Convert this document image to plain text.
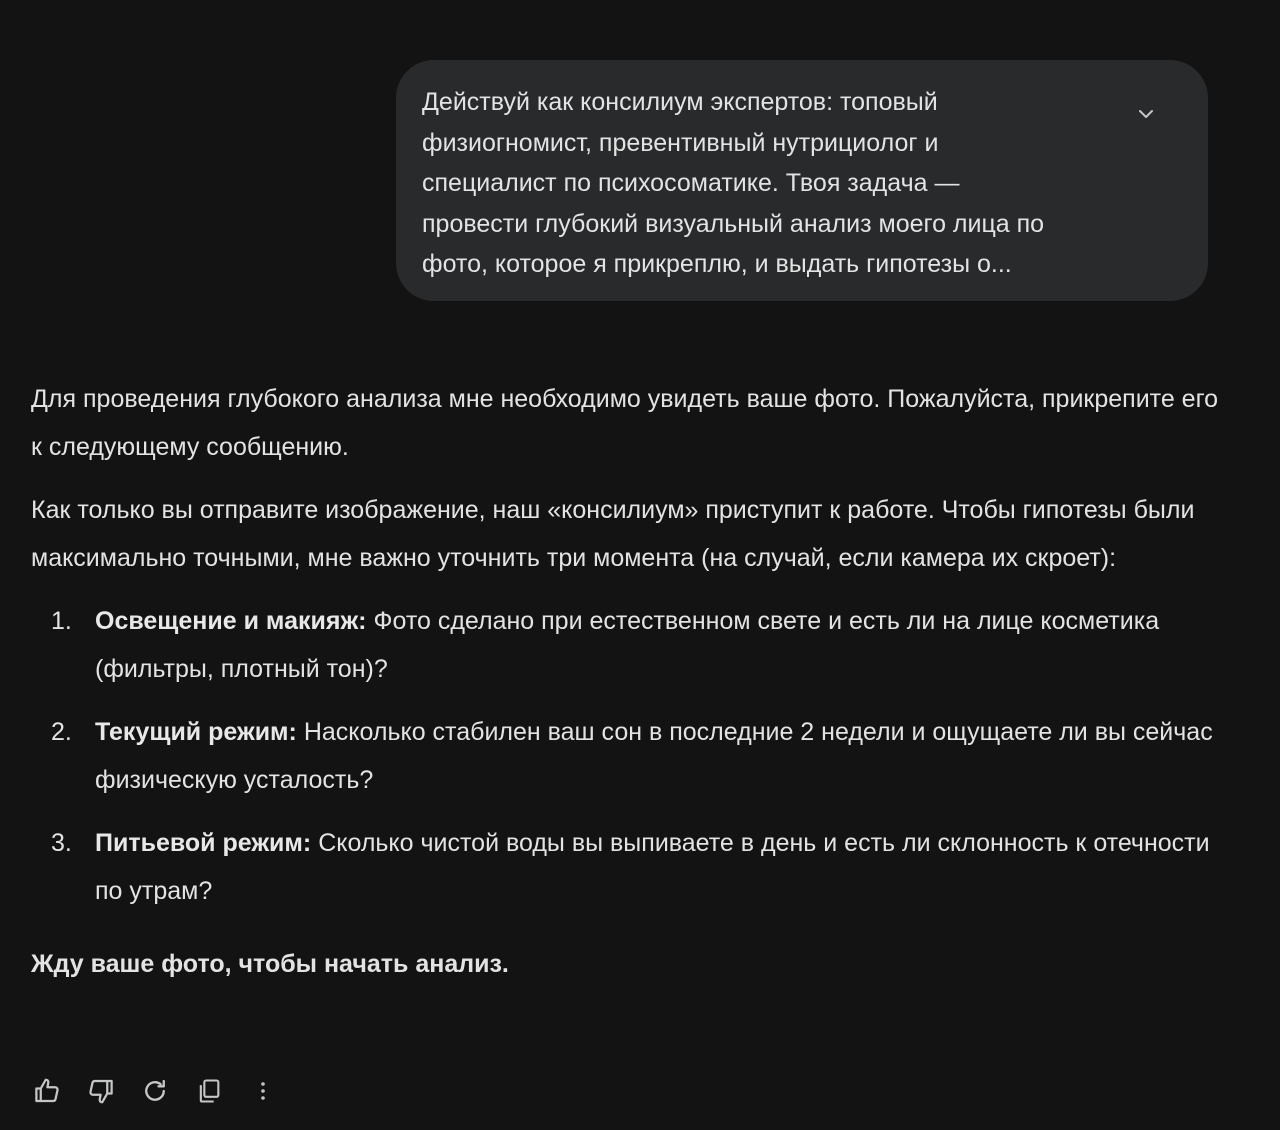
Действуй как консилиум экспертов: топовый
физиогномист, превентивный нутрициолог и
специалист по психосоматике. Твоя задача —
провести глубокий визуальный анализ моего лица по
фото, которое я прикреплю, и выдать гипотезы о...

Для проведения глубокого анализа мне необходимо увидеть ваше фото. Пожалуйста, прикрепите его к следующему сообщению.

Как только вы отправите изображение, наш «консилиум» приступит к работе. Чтобы гипотезы были максимально точными, мне важно уточнить три момента (на случай, если камера их скроет):

1. Освещение и макияж: Фото сделано при естественном свете и есть ли на лице косметика (фильтры, плотный тон)?
2. Текущий режим: Насколько стабилен ваш сон в последние 2 недели и ощущаете ли вы сейчас физическую усталость?
3. Питьевой режим: Сколько чистой воды вы выпиваете в день и есть ли склонность к отечности по утрам?
Жду ваше фото, чтобы начать анализ.
